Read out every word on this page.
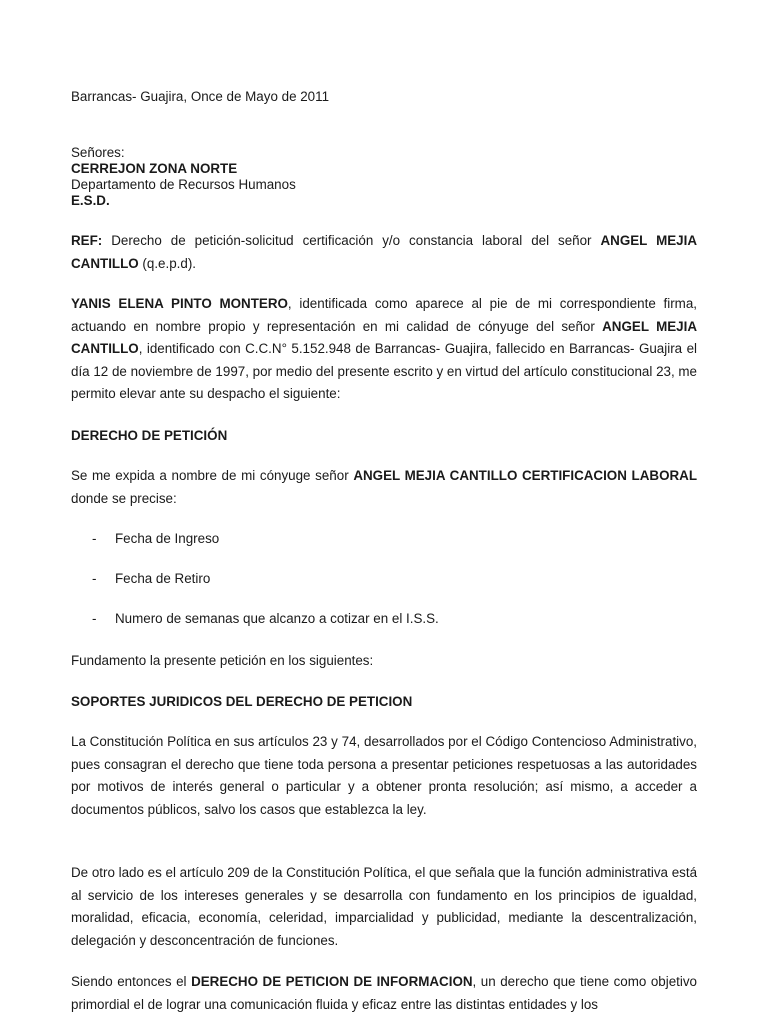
Barrancas- Guajira, Once de Mayo de 2011

Señores:
CERREJON ZONA NORTE
Departamento de Recursos Humanos
E.S.D.

REF: Derecho de petición-solicitud certificación y/o constancia laboral del señor ANGEL MEJIA CANTILLO (q.e.p.d).

YANIS ELENA PINTO MONTERO, identificada como aparece al pie de mi correspondiente firma, actuando en nombre propio y representación en mi calidad de cónyuge del señor ANGEL MEJIA CANTILLO, identificado con C.C.N° 5.152.948 de Barrancas- Guajira, fallecido en Barrancas- Guajira el día 12 de noviembre de 1997, por medio del presente escrito y en virtud del artículo constitucional 23, me permito elevar ante su despacho el siguiente:

DERECHO DE PETICIÓN

Se me expida a nombre de mi cónyuge señor ANGEL MEJIA CANTILLO CERTIFICACION LABORAL donde se precise:

- Fecha de Ingreso
- Fecha de Retiro
- Numero de semanas que alcanzo a cotizar en el I.S.S.

Fundamento la presente petición en los siguientes:

SOPORTES JURIDICOS DEL DERECHO DE PETICION

La Constitución Política en sus artículos 23 y 74, desarrollados por el Código Contencioso Administrativo, pues consagran el derecho que tiene toda persona a presentar peticiones respetuosas a las autoridades por motivos de interés general o particular y a obtener pronta resolución; así mismo, a acceder a documentos públicos, salvo los casos que establezca la ley.

De otro lado es el artículo 209 de la Constitución Política, el que señala que la función administrativa está al servicio de los intereses generales y se desarrolla con fundamento en los principios de igualdad, moralidad, eficacia, economía, celeridad, imparcialidad y publicidad, mediante la descentralización, delegación y desconcentración de funciones.

Siendo entonces el DERECHO DE PETICION DE INFORMACION, un derecho que tiene como objetivo primordial el de lograr una comunicación fluida y eficaz entre las distintas entidades y los
